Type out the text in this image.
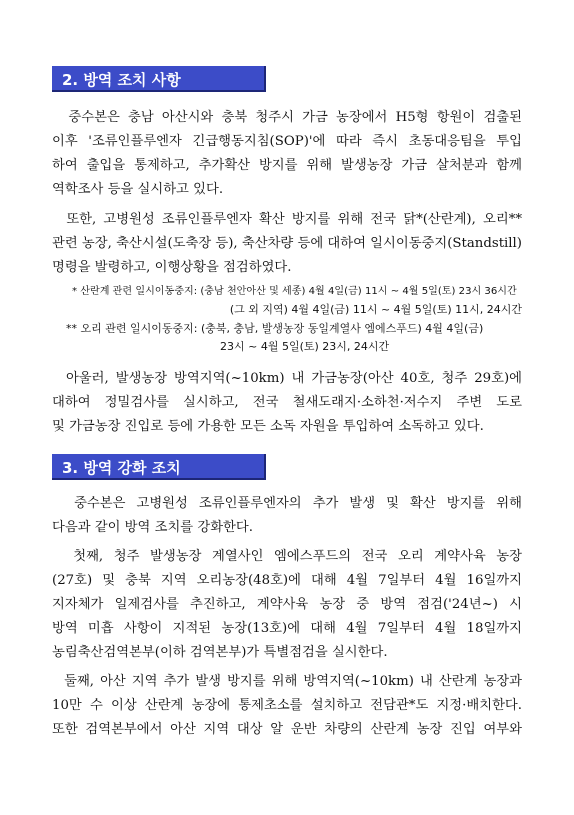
2. 방역 조치 사항
중수본은 충남 아산시와 충북 청주시 가금 농장에서 H5형 항원이 검출된
이후 '조류인플루엔자 긴급행동지침(SOP)'에 따라 즉시 초동대응팀을 투입
하여 출입을 통제하고, 추가확산 방지를 위해 발생농장 가금 살처분과 함께
역학조사 등을 실시하고 있다.
또한, 고병원성 조류인플루엔자 확산 방지를 위해 전국 닭*(산란계), 오리**
관련 농장, 축산시설(도축장 등), 축산차량 등에 대하여 일시이동중지(Standstill)
명령을 발령하고, 이행상황을 점검하였다.
* 산란계 관련 일시이동중지: (충남 천안아산 및 세종) 4월 4일(금) 11시 ~ 4월 5일(토) 23시 36시간
(그 외 지역) 4월 4일(금) 11시 ~ 4월 5일(토) 11시, 24시간
** 오리 관련 일시이동중지: (충북, 충남, 발생농장 동일계열사 엠에스푸드) 4월 4일(금)
23시 ~ 4월 5일(토) 23시, 24시간
아울러, 발생농장 방역지역(~10km) 내 가금농장(아산 40호, 청주 29호)에
대하여 정밀검사를 실시하고, 전국 철새도래지·소하천·저수지 주변 도로
및 가금농장 진입로 등에 가용한 모든 소독 자원을 투입하여 소독하고 있다.
3. 방역 강화 조치
중수본은 고병원성 조류인플루엔자의 추가 발생 및 확산 방지를 위해
다음과 같이 방역 조치를 강화한다.
첫째, 청주 발생농장 계열사인 엠에스푸드의 전국 오리 계약사육 농장
(27호) 및 충북 지역 오리농장(48호)에 대해 4월 7일부터 4월 16일까지
지자체가 일제검사를 추진하고, 계약사육 농장 중 방역 점검('24년~) 시
방역 미흡 사항이 지적된 농장(13호)에 대해 4월 7일부터 4월 18일까지
농림축산검역본부(이하 검역본부)가 특별점검을 실시한다.
둘째, 아산 지역 추가 발생 방지를 위해 방역지역(~10km) 내 산란계 농장과
10만 수 이상 산란계 농장에 통제초소를 설치하고 전담관*도 지정·배치한다.
또한 검역본부에서 아산 지역 대상 알 운반 차량의 산란계 농장 진입 여부와
